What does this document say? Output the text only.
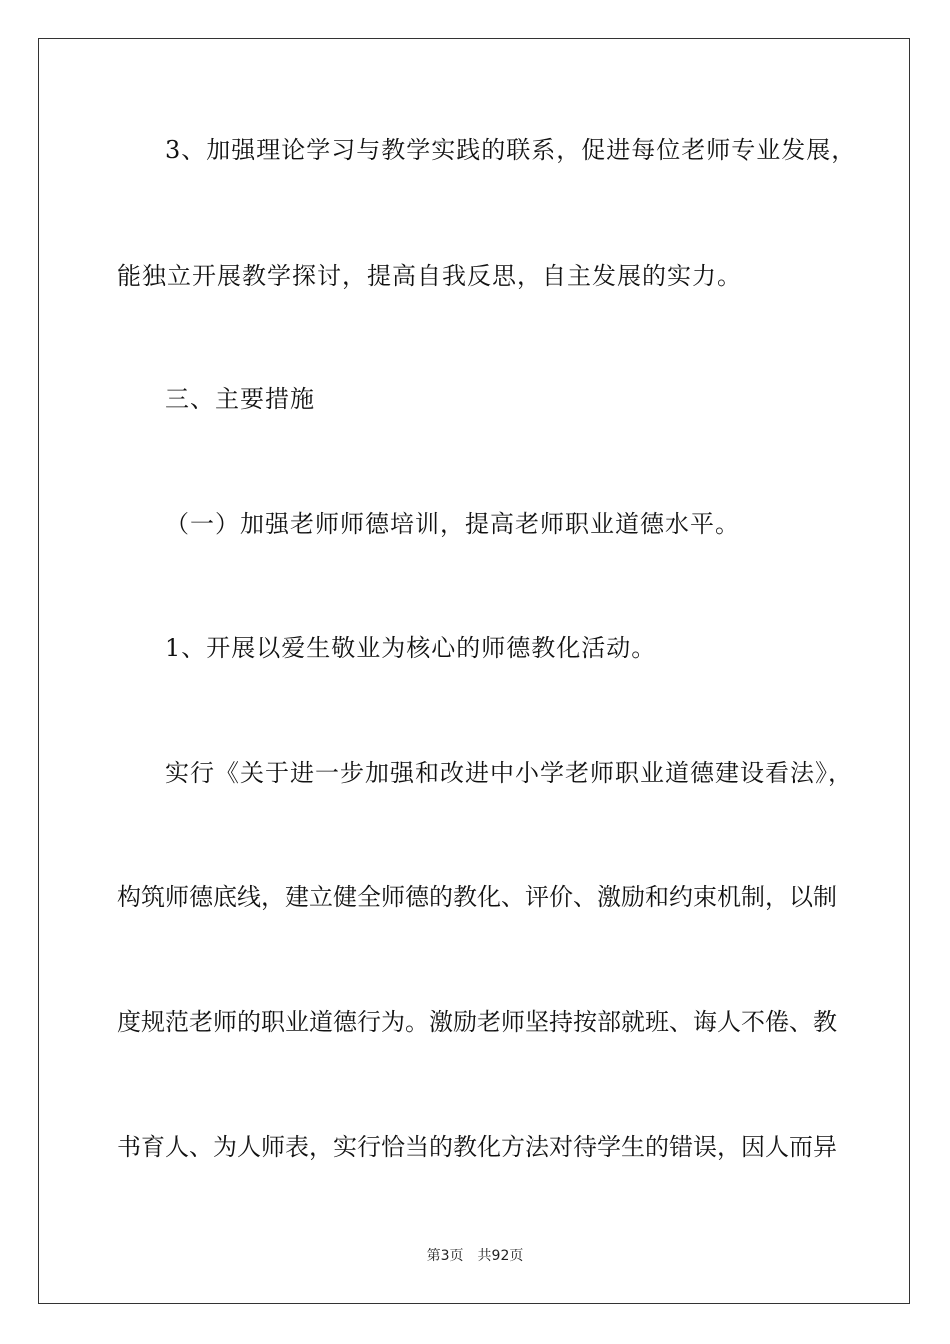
3、加强理论学习与教学实践的联系，促进每位老师专业发展，
能独立开展教学探讨，提高自我反思，自主发展的实力。
三、主要措施
（一）加强老师师德培训，提高老师职业道德水平。
1、开展以爱生敬业为核心的师德教化活动。
实行《关于进一步加强和改进中小学老师职业道德建设看法》，
构筑师德底线，建立健全师德的教化、评价、激励和约束机制，以制
度规范老师的职业道德行为。激励老师坚持按部就班、诲人不倦、教
书育人、为人师表，实行恰当的教化方法对待学生的错误，因人而异
第3页 共92页
